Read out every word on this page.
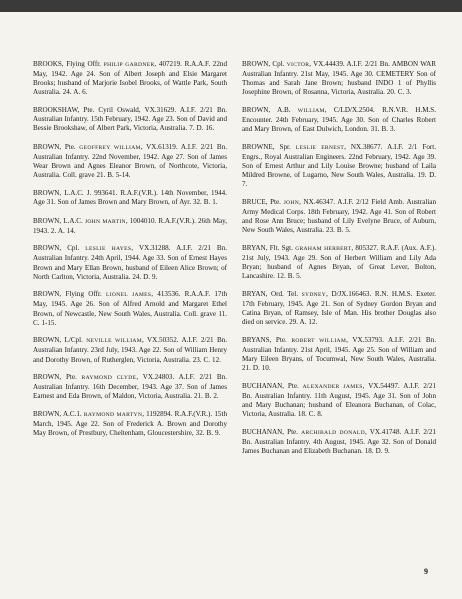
BROOKS, Flying Offr. PHILIP GARDNER, 407219. R.A.A.F. 22nd May, 1942. Age 24. Son of Albert Joseph and Elsie Margaret Brooks; husband of Marjorie Isobel Brooks, of Wattle Park, South Australia. 24. A. 6.

BROOKSHAW, Pte. Cyril Oswald, VX.31629. A.I.F. 2/21 Bn. Australian Infantry. 15th February, 1942. Age 23. Son of David and Bessie Brookshaw, of Albert Park, Victoria, Australia. 7. D. 16.

BROWN, Pte. GEOFFREY WILLIAM, VX.61319. A.I.F. 2/21 Bn. Australian Infantry. 22nd November, 1942. Age 27. Son of James Wear Brown and Agnes Eleanor Brown, of Northcote, Victoria, Australia. Coll. grave 21. B. 5-14.

BROWN, L.A.C. J. 993641. R.A.F.(V.R.). 14th November, 1944. Age 31. Son of James Brown and Mary Brown, of Ayr. 32. B. 1.

BROWN, L.A.C. JOHN MARTIN, 1004010. R.A.F.(V.R.). 26th May, 1943. 2. A. 14.

BROWN, Cpl. LESLIE HAYES, VX.31288. A.I.F. 2/21 Bn. Australian Infantry. 24th April, 1944. Age 33. Son of Ernest Hayes Brown and Mary Ellan Brown, husband of Eileen Alice Brown; of North Carlton, Victoria, Australia. 24. D. 9.

BROWN, Flying Offr. LIONEL JAMES, 413536. R.A.A.F. 17th May, 1945. Age 26. Son of Alfred Arnold and Margaret Ethel Brown, of Newcastle, New South Wales, Australia. Coll. grave 11. C. 1-15.

BROWN, L/Cpl. NEVILLE WILLIAM, VX.50352. A.I.F. 2/21 Bn. Australian Infantry. 23rd July, 1943. Age 22. Son of William Henry and Dorothy Brown, of Rutherglen, Victoria, Australia. 23. C. 12.

BROWN, Pte. RAYMOND CLYDE, VX.24803. A.I.F. 2/21 Bn. Australian Infantry. 16th December, 1943. Age 37. Son of James Earnest and Eda Brown, of Maldon, Victoria, Australia. 21. B. 2.

BROWN, A.C.1. RAYMOND MARTYN, 1192894. R.A.F.(V.R.). 15th March, 1945. Age 22. Son of Frederick A. Brown and Dorothy May Brown, of Prestbury, Cheltenham, Gloucestershire, 32. B. 9.

BROWN, Cpl. VICTOR, VX.44439. A.I.F. 2/21 Bn. AMBON WAR Australian Infantry. 21st May, 1945. Age 30. CEMETERY Son of Thomas and Sarah Jane Brown; husband INDO 1 of Phyllis Josephine Brown, of Rosanna, Victoria, Australia. 20. C. 3.

BROWN, A.B. WILLIAM, C/LD/X.2504. R.N.V.R. H.M.S. Encounter. 24th February, 1945. Age 30. Son of Charles Robert and Mary Brown, of East Dulwich, London. 31. B. 3.

BROWNE, Spr. LESLIE ERNEST, NX.38677. A.I.F. 2/1 Fort. Engrs., Royal Australian Engineers. 22nd February, 1942. Age 39. Son of Ernest Arthur and Lily Louise Browne; husband of Laila Mildred Browne, of Lugarno, New South Wales, Australia. 19. D. 7.

BRUCE, Pte. JOHN, NX.46347. A.I.F. 2/12 Field Amb. Australian Army Medical Corps. 18th February, 1942. Age 41. Son of Robert and Rose Ann Bruce; husband of Lily Evelyne Bruce, of Auburn, New South Wales, Australia. 23. B. 5.

BRYAN, Flt. Sgt. GRAHAM HERBERT, 805327. R.A.F. (Aux. A.F.). 21st July, 1943. Age 29. Son of Herbert William and Lily Ada Bryan; husband of Agnes Bryan, of Great Lever, Bolton, Lancashire. 12. B. 5.

BRYAN, Ord. Tel. SYDNEY, D/JX.166463. R.N. H.M.S. Exeter. 17th February, 1945. Age 21. Son of Sydney Gordon Bryan and Catina Bryan, of Ramsey, Isle of Man. His brother Douglas also died on service. 29. A. 12.

BRYANS, Pte. ROBERT WILLIAM, VX.53793. A.I.F. 2/21 Bn. Australian Infantry. 21st April, 1945. Age 25. Son of William and Mary Eileen Bryans, of Tocumwal, New South Wales, Australia. 21. D. 10.

BUCHANAN, Pte. ALEXANDER JAMES, VX.54497. A.I.F. 2/21 Bn. Australian Infantry. 11th August, 1945. Age 31. Son of John and Mary Buchanan; husband of Eleanora Buchanan, of Colac, Victoria, Australia. 18. C. 8.

BUCHANAN, Pte. ARCHIBALD DONALD, VX.41748. A.I.F. 2/21 Bn. Australian Infantry. 4th August, 1945. Age 32. Son of Donald James Buchanan and Elizabeth Buchanan. 18. D. 9.

9
